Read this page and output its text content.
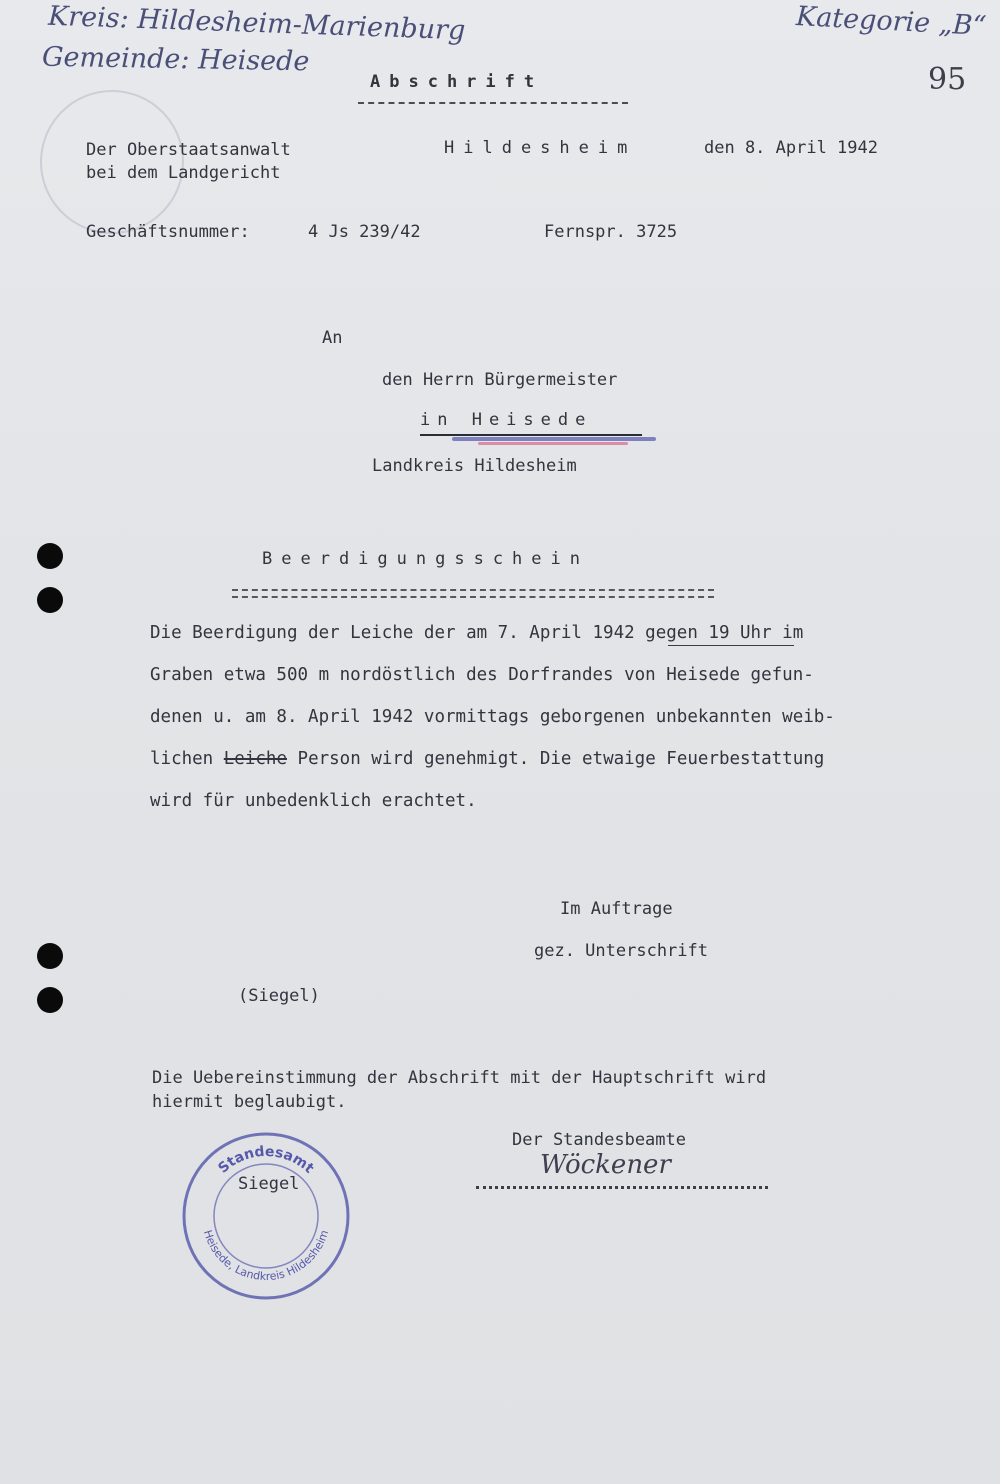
Kreis: Hildesheim-Marienburg
Gemeinde: Heisede
Kategorie „B“
95
Abschrift
Der Oberstaatsanwalt
bei dem Landgericht
Hildesheim	den 8. April 1942
Geschäftsnummer:	4 Js 239/42	Fernspr. 3725
An
den Herrn Bürgermeister
in Heisede
Landkreis Hildesheim
Beerdigungsschein
Die Beerdigung der Leiche der am 7. April 1942 gegen 19 Uhr im
Graben etwa 500 m nordöstlich des Dorfrandes von Heisede gefun-
denen u. am 8. April 1942 vormittags geborgenen unbekannten weib-
lichen Leiche Person wird genehmigt. Die etwaige Feuerbestattung
wird für unbedenklich erachtet.
Im Auftrage
gez. Unterschrift
(Siegel)
Die Uebereinstimmung der Abschrift mit der Hauptschrift wird
hiermit beglaubigt.
Der Standesbeamte
Wöckener
Standesamt
Heisede, Landkreis Hildesheim
Siegel
